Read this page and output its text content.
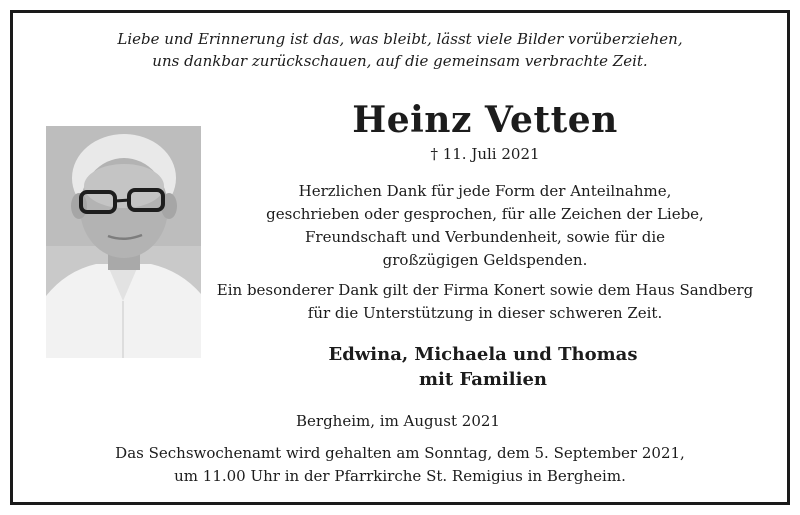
Liebe und Erinnerung ist das, was bleibt, lässt viele Bilder vorüberziehen,
uns dankbar zurückschauen, auf die gemeinsam verbrachte Zeit.
Heinz Vetten
† 11. Juli 2021
Herzlichen Dank für jede Form der Anteilnahme,
geschrieben oder gesprochen, für alle Zeichen der Liebe,
Freundschaft und Verbundenheit, sowie für die
großzügigen Geldspenden.
Ein besonderer Dank gilt der Firma Konert sowie dem Haus Sandberg
für die Unterstützung in dieser schweren Zeit.
Edwina, Michaela und Thomas
mit Familien
Bergheim, im August 2021
Das Sechswochenamt wird gehalten am Sonntag, dem 5. September 2021,
um 11.00 Uhr in der Pfarrkirche St. Remigius in Bergheim.
